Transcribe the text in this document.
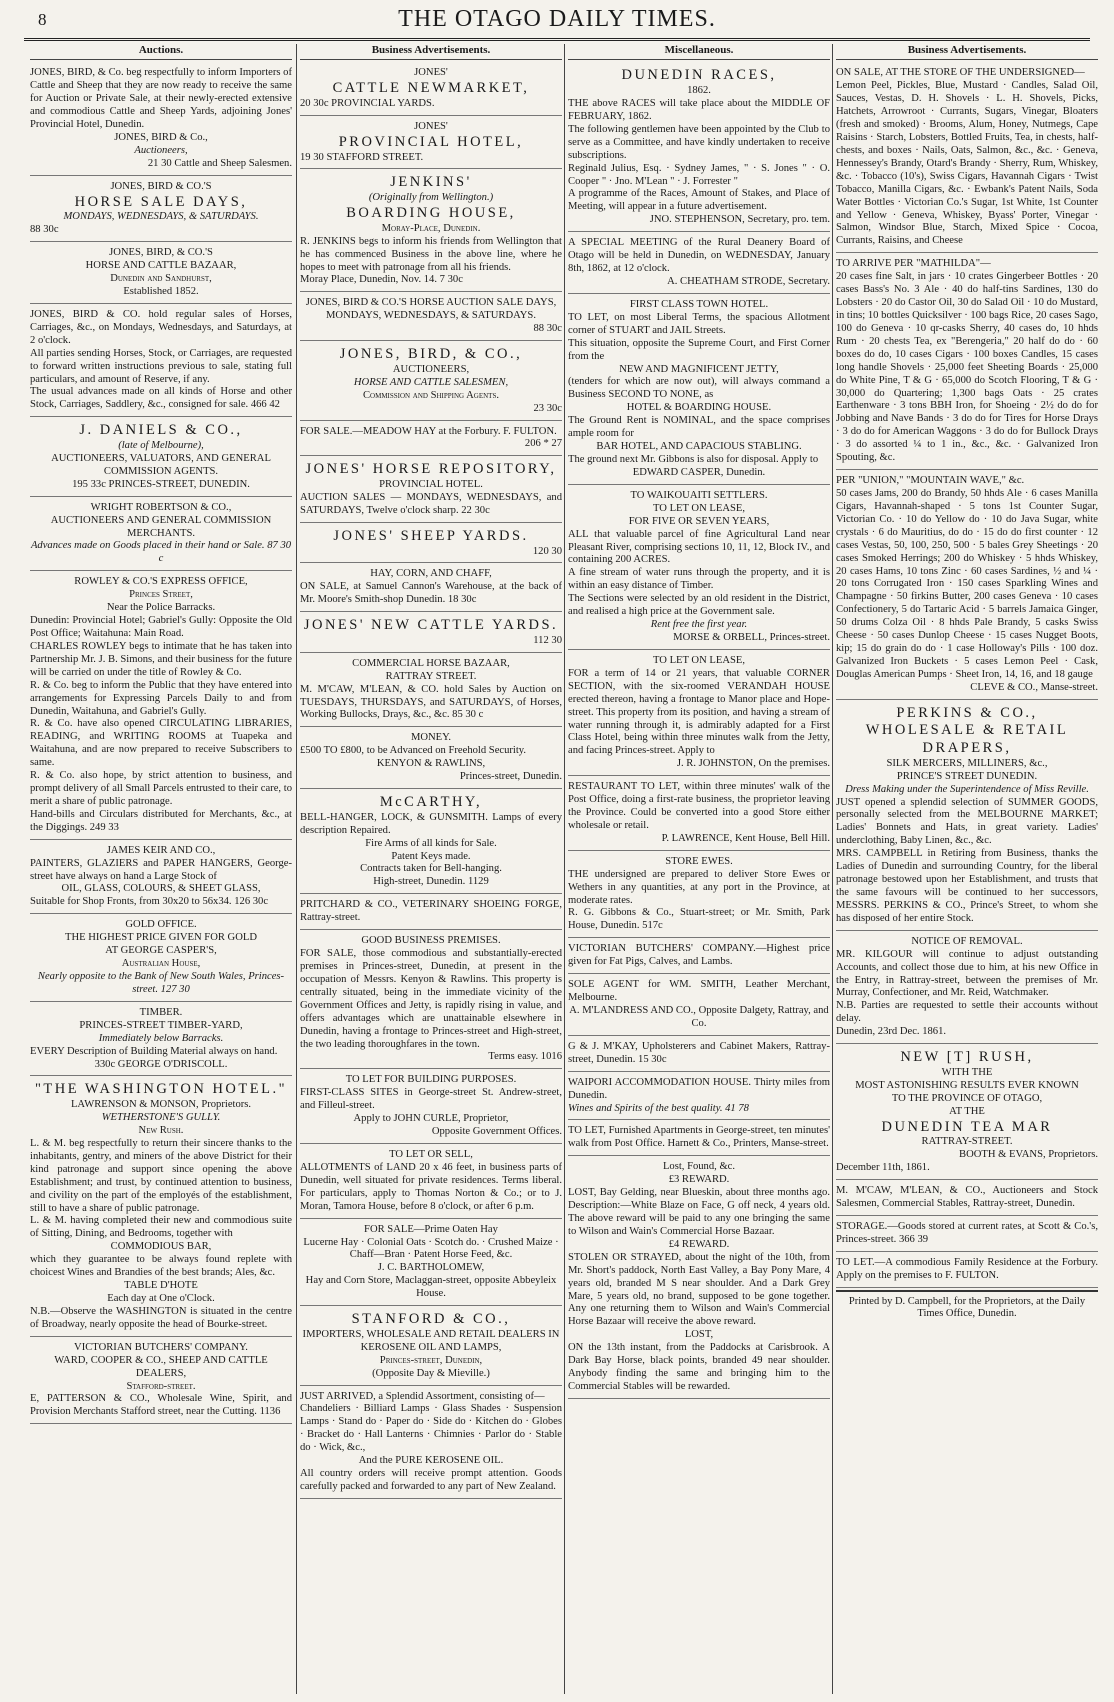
8	THE OTAGO DAILY TIMES.
Auctions.

JONES, BIRD, & Co. beg respectfully to inform Importers of Cattle and Sheep that they are now ready to receive the same for Auction or Private Sale, at their newly-erected extensive and commodious Cattle and Sheep Yards, adjoining Jones' Provincial Hotel, Dunedin.

JONES, BIRD & Co.,

Auctioneers,

21 30 Cattle and Sheep Salesmen.

JONES, BIRD & CO.'S

HORSE SALE DAYS,

MONDAYS, WEDNESDAYS, & SATURDAYS.

88 30c

JONES, BIRD, & CO.'S

HORSE AND CATTLE BAZAAR,

Dunedin and Sandhurst,

Established 1852.

JONES, BIRD & CO. hold regular sales of Horses, Carriages, &c., on Mondays, Wednesdays, and Saturdays, at 2 o'clock.

All parties sending Horses, Stock, or Carriages, are requested to forward written instructions previous to sale, stating full particulars, and amount of Reserve, if any.

The usual advances made on all kinds of Horse and other Stock, Carriages, Saddlery, &c., consigned for sale. 466 42

J. DANIELS & CO.,

(late of Melbourne),

AUCTIONEERS, VALUATORS, AND GENERAL COMMISSION AGENTS.

195 33c PRINCES-STREET, DUNEDIN.

WRIGHT ROBERTSON & CO.,

AUCTIONEERS AND GENERAL COMMISSION MERCHANTS.

Advances made on Goods placed in their hand or Sale. 87 30 c

ROWLEY & CO.'S EXPRESS OFFICE,

Princes Street,

Near the Police Barracks.

Dunedin: Provincial Hotel; Gabriel's Gully: Opposite the Old Post Office; Waitahuna: Main Road.

CHARLES ROWLEY begs to intimate that he has taken into Partnership Mr. J. B. Simons, and their business for the future will be carried on under the title of Rowley & Co.

R. & Co. beg to inform the Public that they have entered into arrangements for Expressing Parcels Daily to and from Dunedin, Waitahuna, and Gabriel's Gully.

R. & Co. have also opened CIRCULATING LIBRARIES, READING, and WRITING ROOMS at Tuapeka and Waitahuna, and are now prepared to receive Subscribers to same.

R. & Co. also hope, by strict attention to business, and prompt delivery of all Small Parcels entrusted to their care, to merit a share of public patronage.

Hand-bills and Circulars distributed for Merchants, &c., at the Diggings. 249 33

JAMES KEIR AND CO.,

PAINTERS, GLAZIERS and PAPER HANGERS, George-street have always on hand a Large Stock of

OIL, GLASS, COLOURS, & SHEET GLASS,

Suitable for Shop Fronts, from 30x20 to 56x34. 126 30c

GOLD OFFICE.

THE HIGHEST PRICE GIVEN FOR GOLD

AT GEORGE CASPER'S,

Australian House,

Nearly opposite to the Bank of New South Wales, Princes-street. 127 30

TIMBER.

PRINCES-STREET TIMBER-YARD,

Immediately below Barracks.

EVERY Description of Building Material always on hand.

330c GEORGE O'DRISCOLL.

"THE WASHINGTON HOTEL."

LAWRENSON & MONSON, Proprietors.

WETHERSTONE'S GULLY.

New Rush.

L. & M. beg respectfully to return their sincere thanks to the inhabitants, gentry, and miners of the above District for their kind patronage and support since opening the above Establishment; and trust, by continued attention to business, and civility on the part of the employés of the establishment, still to have a share of public patronage.

L. & M. having completed their new and commodious suite of Sitting, Dining, and Bedrooms, together with

COMMODIOUS BAR,

which they guarantee to be always found replete with choicest Wines and Brandies of the best brands; Ales, &c.

TABLE D'HOTE

Each day at One o'Clock.

N.B.—Observe the WASHINGTON is situated in the centre of Broadway, nearly opposite the head of Bourke-street.

VICTORIAN BUTCHERS' COMPANY.

WARD, COOPER & CO., SHEEP AND CATTLE DEALERS,

Stafford-street.

E, PATTERSON & CO., Wholesale Wine, Spirit, and Provision Merchants Stafford street, near the Cutting. 1136

Business Advertisements.

JONES'

CATTLE NEWMARKET,

20 30c PROVINCIAL YARDS.

JONES'

PROVINCIAL HOTEL,

19 30 STAFFORD STREET.

JENKINS'

(Originally from Wellington.)

BOARDING HOUSE,

Moray-Place, Dunedin.

R. JENKINS begs to inform his friends from Wellington that he has commenced Business in the above line, where he hopes to meet with patronage from all his friends.

Moray Place, Dunedin, Nov. 14. 7 30c

JONES, BIRD & CO.'S HORSE AUCTION SALE DAYS,

MONDAYS, WEDNESDAYS, & SATURDAYS.

88 30c

JONES, BIRD, & CO.,

AUCTIONEERS,

HORSE AND CATTLE SALESMEN,

Commission and Shipping Agents.

23 30c

FOR SALE.—MEADOW HAY at the Forbury. F. FULTON.

206 * 27

JONES' HORSE REPOSITORY,

PROVINCIAL HOTEL.

AUCTION SALES — MONDAYS, WEDNESDAYS, and SATURDAYS, Twelve o'clock sharp. 22 30c

JONES' SHEEP YARDS.

120 30

HAY, CORN, AND CHAFF,

ON SALE, at Samuel Cannon's Warehouse, at the back of Mr. Moore's Smith-shop Dunedin. 18 30c

JONES' NEW CATTLE YARDS.

112 30

COMMERCIAL HORSE BAZAAR,

RATTRAY STREET.

M. M'CAW, M'LEAN, & CO. hold Sales by Auction on TUESDAYS, THURSDAYS, and SATURDAYS, of Horses, Working Bullocks, Drays, &c., &c. 85 30 c

MONEY.

£500 TO £800, to be Advanced on Freehold Security.

KENYON & RAWLINS,

Princes-street, Dunedin.

McCARTHY,

BELL-HANGER, LOCK, & GUNSMITH. Lamps of every description Repaired.

Fire Arms of all kinds for Sale.

Patent Keys made.

Contracts taken for Bell-hanging.

High-street, Dunedin. 1129

PRITCHARD & CO., VETERINARY SHOEING FORGE, Rattray-street.

GOOD BUSINESS PREMISES.

FOR SALE, those commodious and substantially-erected premises in Princes-street, Dunedin, at present in the occupation of Messrs. Kenyon & Rawlins. This property is centrally situated, being in the immediate vicinity of the Government Offices and Jetty, is rapidly rising in value, and offers advantages which are unattainable elsewhere in Dunedin, having a frontage to Princes-street and High-street, the two leading thoroughfares in the town.

Terms easy. 1016

TO LET FOR BUILDING PURPOSES.

FIRST-CLASS SITES in George-street St. Andrew-street, and Filleul-street.

Apply to JOHN CURLE, Proprietor,

Opposite Government Offices.

TO LET OR SELL,

ALLOTMENTS of LAND 20 x 46 feet, in business parts of Dunedin, well situated for private residences. Terms liberal. For particulars, apply to Thomas Norton & Co.; or to J. Moran, Tamora House, before 8 o'clock, or after 6 p.m.

FOR SALE—Prime Oaten Hay

Lucerne Hay · Colonial Oats · Scotch do. · Crushed Maize · Chaff—Bran · Patent Horse Feed, &c.

J. C. BARTHOLOMEW,

Hay and Corn Store, Maclaggan-street, opposite Abbeyleix House.

STANFORD & CO.,

IMPORTERS, WHOLESALE AND RETAIL DEALERS IN

KEROSENE OIL AND LAMPS,

Princes-street, Dunedin,

(Opposite Day & Mieville.)

JUST ARRIVED, a Splendid Assortment, consisting of—

Chandeliers · Billiard Lamps · Glass Shades · Suspension Lamps · Stand do · Paper do · Side do · Kitchen do · Globes · Bracket do · Hall Lanterns · Chimnies · Parlor do · Stable do · Wick, &c.,

And the PURE KEROSENE OIL.

All country orders will receive prompt attention. Goods carefully packed and forwarded to any part of New Zealand.

Miscellaneous.

DUNEDIN RACES,

1862.

THE above RACES will take place about the MIDDLE OF FEBRUARY, 1862.

The following gentlemen have been appointed by the Club to serve as a Committee, and have kindly undertaken to receive subscriptions.

Reginald Julius, Esq. · Sydney James, " · S. Jones " · O. Cooper " · Jno. M'Lean " · J. Forrester "

A programme of the Races, Amount of Stakes, and Place of Meeting, will appear in a future advertisement.

JNO. STEPHENSON, Secretary, pro. tem.

A SPECIAL MEETING of the Rural Deanery Board of Otago will be held in Dunedin, on WEDNESDAY, January 8th, 1862, at 12 o'clock.

A. CHEATHAM STRODE, Secretary.

FIRST CLASS TOWN HOTEL.

TO LET, on most Liberal Terms, the spacious Allotment corner of STUART and JAIL Streets.

This situation, opposite the Supreme Court, and First Corner from the

NEW AND MAGNIFICENT JETTY,

(tenders for which are now out), will always command a Business SECOND TO NONE, as

HOTEL & BOARDING HOUSE.

The Ground Rent is NOMINAL, and the space comprises ample room for

BAR HOTEL, AND CAPACIOUS STABLING.

The ground next Mr. Gibbons is also for disposal. Apply to

EDWARD CASPER, Dunedin.

TO WAIKOUAITI SETTLERS.

TO LET ON LEASE,

FOR FIVE OR SEVEN YEARS,

ALL that valuable parcel of fine Agricultural Land near Pleasant River, comprising sections 10, 11, 12, Block IV., and containing 200 ACRES.

A fine stream of water runs through the property, and it is within an easy distance of Timber.

The Sections were selected by an old resident in the District, and realised a high price at the Government sale.

Rent free the first year.

MORSE & ORBELL, Princes-street.

TO LET ON LEASE,

FOR a term of 14 or 21 years, that valuable CORNER SECTION, with the six-roomed VERANDAH HOUSE erected thereon, having a frontage to Manor place and Hope-street. This property from its position, and having a stream of water running through it, is admirably adapted for a First Class Hotel, being within three minutes walk from the Jetty, and facing Princes-street. Apply to

J. R. JOHNSTON, On the premises.

RESTAURANT TO LET, within three minutes' walk of the Post Office, doing a first-rate business, the proprietor leaving the Province. Could be converted into a good Store either wholesale or retail.

P. LAWRENCE, Kent House, Bell Hill.

STORE EWES.

THE undersigned are prepared to deliver Store Ewes or Wethers in any quantities, at any port in the Province, at moderate rates.

R. G. Gibbons & Co., Stuart-street; or Mr. Smith, Park House, Dunedin. 517c

VICTORIAN BUTCHERS' COMPANY.—Highest price given for Fat Pigs, Calves, and Lambs.

SOLE AGENT for WM. SMITH, Leather Merchant, Melbourne.

A. M'LANDRESS AND CO., Opposite Dalgety, Rattray, and Co.

G & J. M'KAY, Upholsterers and Cabinet Makers, Rattray-street, Dunedin. 15 30c

WAIPORI ACCOMMODATION HOUSE. Thirty miles from Dunedin.

Wines and Spirits of the best quality. 41 78

TO LET, Furnished Apartments in George-street, ten minutes' walk from Post Office. Harnett & Co., Printers, Manse-street.

Lost, Found, &c.

£3 REWARD.

LOST, Bay Gelding, near Blueskin, about three months ago. Description:—White Blaze on Face, G off neck, 4 years old. The above reward will be paid to any one bringing the same to Wilson and Wain's Commercial Horse Bazaar.

£4 REWARD.

STOLEN OR STRAYED, about the night of the 10th, from Mr. Short's paddock, North East Valley, a Bay Pony Mare, 4 years old, branded M S near shoulder. And a Dark Grey Mare, 5 years old, no brand, supposed to be gone together. Any one returning them to Wilson and Wain's Commercial Horse Bazaar will receive the above reward.

LOST,

ON the 13th instant, from the Paddocks at Carisbrook. A Dark Bay Horse, black points, branded 49 near shoulder. Anybody finding the same and bringing him to the Commercial Stables will be rewarded.

Business Advertisements.

ON SALE, AT THE STORE OF THE UNDERSIGNED—

Lemon Peel, Pickles, Blue, Mustard · Candles, Salad Oil, Sauces, Vestas, D. H. Shovels · L. H. Shovels, Picks, Hatchets, Arrowroot · Currants, Sugars, Vinegar, Bloaters (fresh and smoked) · Brooms, Alum, Honey, Nutmegs, Cape Raisins · Starch, Lobsters, Bottled Fruits, Tea, in chests, half-chests, and boxes · Nails, Oats, Salmon, &c., &c. · Geneva, Hennessey's Brandy, Otard's Brandy · Sherry, Rum, Whiskey, &c. · Tobacco (10's), Swiss Cigars, Havannah Cigars · Twist Tobacco, Manilla Cigars, &c. · Ewbank's Patent Nails, Soda Water Bottles · Victorian Co.'s Sugar, 1st White, 1st Counter and Yellow · Geneva, Whiskey, Byass' Porter, Vinegar · Salmon, Windsor Blue, Starch, Mixed Spice · Cocoa, Currants, Raisins, and Cheese

TO ARRIVE PER "MATHILDA"—

20 cases fine Salt, in jars · 10 crates Gingerbeer Bottles · 20 cases Bass's No. 3 Ale · 40 do half-tins Sardines, 130 do Lobsters · 20 do Castor Oil, 30 do Salad Oil · 10 do Mustard, in tins; 10 bottles Quicksilver · 100 bags Rice, 20 cases Sago, 100 do Geneva · 10 qr-casks Sherry, 40 cases do, 10 hhds Rum · 20 chests Tea, ex "Berengeria," 20 half do do · 60 boxes do do, 10 cases Cigars · 100 boxes Candles, 15 cases long handle Shovels · 25,000 feet Sheeting Boards · 25,000 do White Pine, T & G · 65,000 do Scotch Flooring, T & G · 30,000 do Quartering; 1,300 bags Oats · 25 crates Earthenware · 3 tons BBH Iron, for Shoeing · 2½ do do for Jobbing and Nave Bands · 3 do do for Tires for Horse Drays · 3 do do for American Waggons · 3 do do for Bullock Drays · 3 do assorted ¼ to 1 in., &c., &c. · Galvanized Iron Spouting, &c.

PER "UNION," "MOUNTAIN WAVE," &c.

50 cases Jams, 200 do Brandy, 50 hhds Ale · 6 cases Manilla Cigars, Havannah-shaped · 5 tons 1st Counter Sugar, Victorian Co. · 10 do Yellow do · 10 do Java Sugar, white crystals · 6 do Mauritius, do do · 15 do do first counter · 12 cases Vestas, 50, 100, 250, 500 · 5 bales Grey Sheetings · 20 cases Smoked Herrings; 200 do Whiskey · 5 hhds Whiskey, 20 cases Hams, 10 tons Zinc · 60 cases Sardines, ½ and ¼ · 20 tons Corrugated Iron · 150 cases Sparkling Wines and Champagne · 50 firkins Butter, 200 cases Geneva · 10 cases Confectionery, 5 do Tartaric Acid · 5 barrels Jamaica Ginger, 50 drums Colza Oil · 8 hhds Pale Brandy, 5 casks Swiss Cheese · 50 cases Dunlop Cheese · 15 cases Nugget Boots, kip; 15 do grain do do · 1 case Holloway's Pills · 100 doz. Galvanized Iron Buckets · 5 cases Lemon Peel · Cask, Douglas American Pumps · Sheet Iron, 14, 16, and 18 gauge

CLEVE & CO., Manse-street.

PERKINS & CO.,

WHOLESALE & RETAIL DRAPERS,

SILK MERCERS, MILLINERS, &c.,

PRINCE'S STREET DUNEDIN.

Dress Making under the Superintendence of Miss Reville.

JUST opened a splendid selection of SUMMER GOODS, personally selected from the MELBOURNE MARKET; Ladies' Bonnets and Hats, in great variety. Ladies' underclothing, Baby Linen, &c., &c.

MRS. CAMPBELL in Retiring from Business, thanks the Ladies of Dunedin and surrounding Country, for the liberal patronage bestowed upon her Establishment, and trusts that the same favours will be continued to her successors, MESSRS. PERKINS & CO., Prince's Street, to whom she has disposed of her entire Stock.

NOTICE OF REMOVAL.

MR. KILGOUR will continue to adjust outstanding Accounts, and collect those due to him, at his new Office in the Entry, in Rattray-street, between the premises of Mr. Murray, Confectioner, and Mr. Reid, Watchmaker.

N.B. Parties are requested to settle their accounts without delay.

Dunedin, 23rd Dec. 1861.

NEW [T] RUSH,

WITH THE

MOST ASTONISHING RESULTS EVER KNOWN

TO THE PROVINCE OF OTAGO,

AT THE

DUNEDIN TEA MAR

RATTRAY-STREET.

BOOTH & EVANS, Proprietors.

December 11th, 1861.

M. M'CAW, M'LEAN, & CO., Auctioneers and Stock Salesmen, Commercial Stables, Rattray-street, Dunedin.

STORAGE.—Goods stored at current rates, at Scott & Co.'s, Princes-street. 366 39

TO LET.—A commodious Family Residence at the Forbury. Apply on the premises to F. FULTON.

Printed by D. Campbell, for the Proprietors, at the Daily Times Office, Dunedin.
